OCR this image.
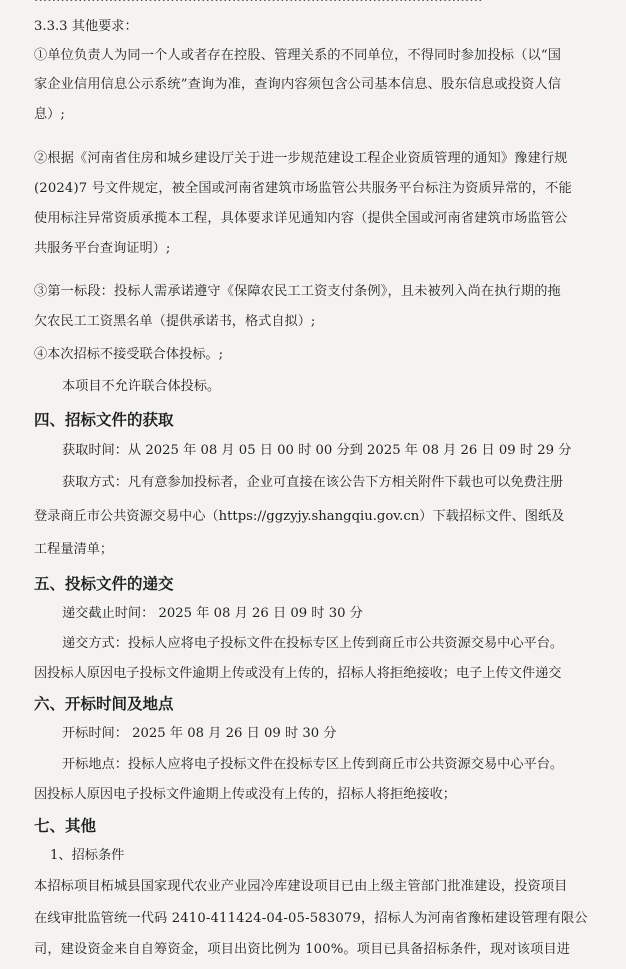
3.3.3 其他要求：
①单位负责人为同一个人或者存在控股、管理关系的不同单位，不得同时参加投标（以“国
家企业信用信息公示系统”查询为准，查询内容须包含公司基本信息、股东信息或投资人信
息）;
②根据《河南省住房和城乡建设厅关于进一步规范建设工程企业资质管理的通知》豫建行规
(2024)7 号文件规定，被全国或河南省建筑市场监管公共服务平台标注为资质异常的，不能
使用标注异常资质承揽本工程，具体要求详见通知内容（提供全国或河南省建筑市场监管公
共服务平台查询证明）;
③第一标段：投标人需承诺遵守《保障农民工工资支付条例》，且未被列入尚在执行期的拖
欠农民工工资黑名单（提供承诺书，格式自拟）;
④本次招标不接受联合体投标。;
本项目不允许联合体投标。
四、招标文件的获取
获取时间：从 2025 年 08 月 05 日 00 时 00 分到 2025 年 08 月 26 日 09 时 29 分
获取方式：凡有意参加投标者，企业可直接在该公告下方相关附件下载也可以免费注册
登录商丘市公共资源交易中心（https://ggzyjy.shangqiu.gov.cn）下载招标文件、图纸及
工程量清单；
五、投标文件的递交
递交截止时间： 2025 年 08 月 26 日 09 时 30 分
递交方式：投标人应将电子投标文件在投标专区上传到商丘市公共资源交易中心平台。
因投标人原因电子投标文件逾期上传或没有上传的，招标人将拒绝接收；电子上传文件递交
六、开标时间及地点
开标时间： 2025 年 08 月 26 日 09 时 30 分
开标地点：投标人应将电子投标文件在投标专区上传到商丘市公共资源交易中心平台。
因投标人原因电子投标文件逾期上传或没有上传的，招标人将拒绝接收；
七、其他
1、招标条件
本招标项目柘城县国家现代农业产业园冷库建设项目已由上级主管部门批准建设，投资项目
在线审批监管统一代码 2410-411424-04-05-583079，招标人为河南省豫柘建设管理有限公
司，建设资金来自自筹资金，项目出资比例为 100%。项目已具备招标条件，现对该项目进
